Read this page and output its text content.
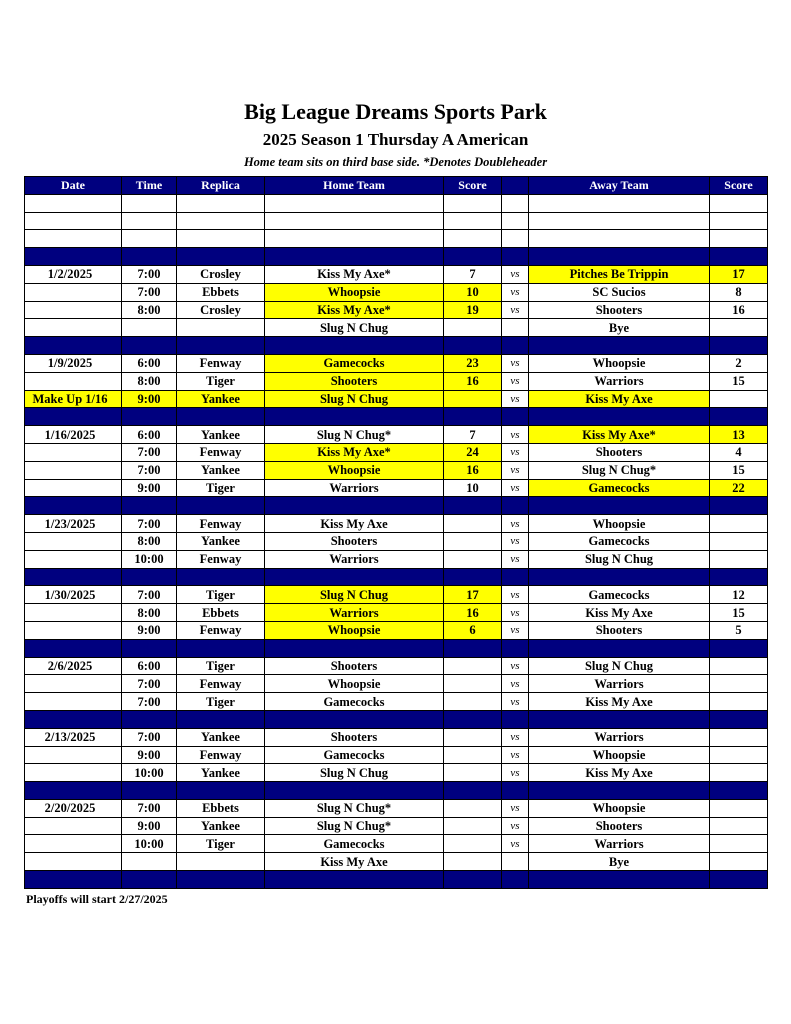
Big League Dreams Sports Park
2025 Season 1 Thursday A American
Home team sits on third base side. *Denotes Doubleheader
Date	Time	Replica	Home Team	Score		Away Team	Score

1/2/2025	7:00	Crosley	Kiss My Axe*	7	vs	Pitches Be Trippin	17
	7:00	Ebbets	Whoopsie	10	vs	SC Sucios	8
	8:00	Crosley	Kiss My Axe*	19	vs	Shooters	16
			Slug N Chug			Bye	

1/9/2025	6:00	Fenway	Gamecocks	23	vs	Whoopsie	2
	8:00	Tiger	Shooters	16	vs	Warriors	15
Make Up 1/16	9:00	Yankee	Slug N Chug		vs	Kiss My Axe	

1/16/2025	6:00	Yankee	Slug N Chug*	7	vs	Kiss My Axe*	13
	7:00	Fenway	Kiss My Axe*	24	vs	Shooters	4
	7:00	Yankee	Whoopsie	16	vs	Slug N Chug*	15
	9:00	Tiger	Warriors	10	vs	Gamecocks	22

1/23/2025	7:00	Fenway	Kiss My Axe		vs	Whoopsie	
	8:00	Yankee	Shooters		vs	Gamecocks	
	10:00	Fenway	Warriors		vs	Slug N Chug	

1/30/2025	7:00	Tiger	Slug N Chug	17	vs	Gamecocks	12
	8:00	Ebbets	Warriors	16	vs	Kiss My Axe	15
	9:00	Fenway	Whoopsie	6	vs	Shooters	5

2/6/2025	6:00	Tiger	Shooters		vs	Slug N Chug	
	7:00	Fenway	Whoopsie		vs	Warriors	
	7:00	Tiger	Gamecocks		vs	Kiss My Axe	

2/13/2025	7:00	Yankee	Shooters		vs	Warriors	
	9:00	Fenway	Gamecocks		vs	Whoopsie	
	10:00	Yankee	Slug N Chug		vs	Kiss My Axe	

2/20/2025	7:00	Ebbets	Slug N Chug*		vs	Whoopsie	
	9:00	Yankee	Slug N Chug*		vs	Shooters	
	10:00	Tiger	Gamecocks		vs	Warriors	
			Kiss My Axe			Bye	

Playoffs will start 2/27/2025
